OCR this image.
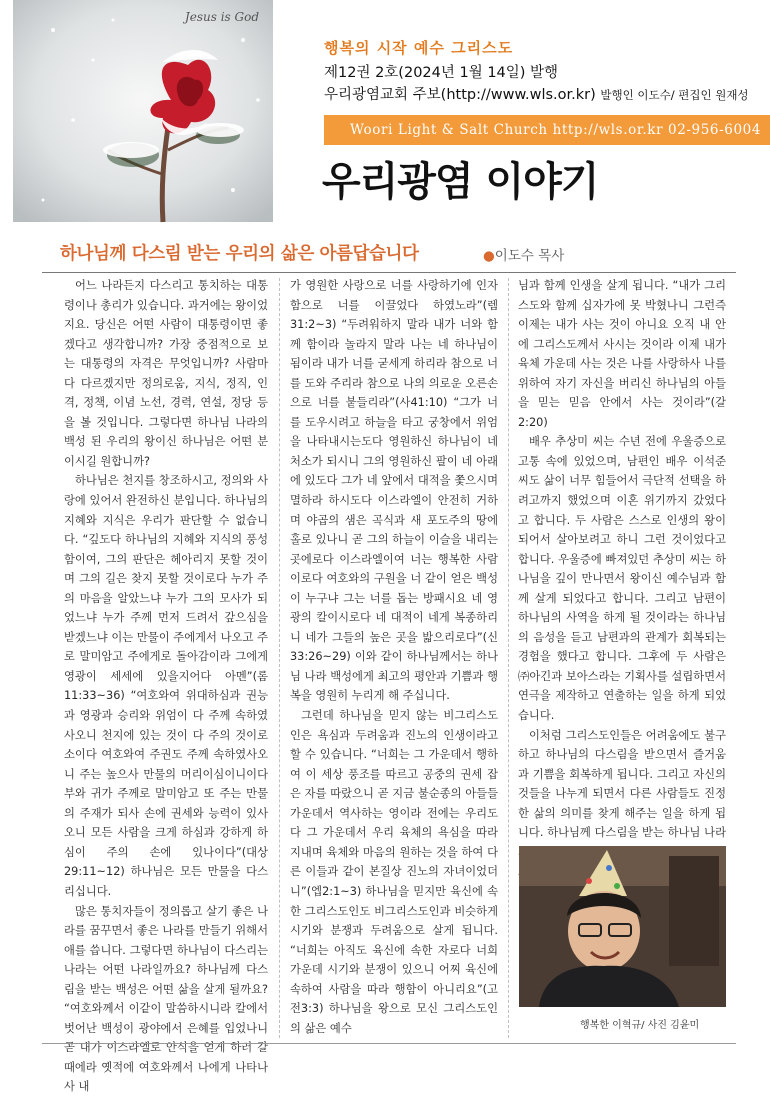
Jesus is God
행복의 시작 예수 그리스도
제12권 2호(2024년 1월 14일) 발행
우리광염교회 주보(http://www.wls.or.kr) 발행인 이도수/ 편집인 원재성
Woori Light & Salt Church http://wls.or.kr 02-956-6004
우리광염 이야기
하나님께 다스림 받는 우리의 삶은 아름답습니다	●이도수 목사

어느 나라든지 다스리고 통치하는 대통령이나 총리가 있습니다. 과거에는 왕이었지요. 당신은 어떤 사람이 대통령이면 좋겠다고 생각합니까? 가장 중점적으로 보는 대통령의 자격은 무엇입니까? 사람마다 다르겠지만 정의로움, 지식, 정직, 인격, 정책, 이념 노선, 경력, 연설, 정당 등을 볼 것입니다. 그렇다면 하나님 나라의 백성 된 우리의 왕이신 하나님은 어떤 분이시길 원합니까?

하나님은 천지를 창조하시고, 정의와 사랑에 있어서 완전하신 분입니다. 하나님의 지혜와 지식은 우리가 판단할 수 없습니다. “깊도다 하나님의 지혜와 지식의 풍성함이여, 그의 판단은 헤아리지 못할 것이며 그의 길은 찾지 못할 것이로다 누가 주의 마음을 알았느냐 누가 그의 모사가 되었느냐 누가 주께 먼저 드려서 갚으심을 받겠느냐 이는 만물이 주에게서 나오고 주로 말미암고 주에게로 돌아감이라 그에게 영광이 세세에 있을지어다 아멘”(롬11:33~36) “여호와여 위대하심과 권능과 영광과 승리와 위엄이 다 주께 속하였사오니 천지에 있는 것이 다 주의 것이로소이다 여호와여 주권도 주께 속하였사오니 주는 높으사 만물의 머리이심이니이다 부와 귀가 주께로 말미암고 또 주는 만물의 주재가 되사 손에 권세와 능력이 있사오니 모든 사람을 크게 하심과 강하게 하심이 주의 손에 있나이다”(대상29:11~12) 하나님은 모든 만물을 다스리십니다.

많은 통치자들이 정의롭고 살기 좋은 나라를 꿈꾸면서 좋은 나라를 만들기 위해서 애를 씁니다. 그렇다면 하나님이 다스리는 나라는 어떤 나라일까요? 하나님께 다스림을 받는 백성은 어떤 삶을 살게 될까요? “여호와께서 이같이 말씀하시니라 칼에서 벗어난 백성이 광야에서 은혜를 입었나니 곧 내가 이스라엘로 안식을 얻게 하러 갈 때에라 옛적에 여호와께서 나에게 나타나사 내

가 영원한 사랑으로 너를 사랑하기에 인자함으로 너를 이끌었다 하였노라”(렘31:2~3) “두려워하지 말라 내가 너와 함께 함이라 놀라지 말라 나는 네 하나님이 됨이라 내가 너를 굳세게 하리라 참으로 너를 도와 주리라 참으로 나의 의로운 오른손으로 너를 붙들리라”(사41:10) “그가 너를 도우시려고 하늘을 타고 궁창에서 위엄을 나타내시는도다 영원하신 하나님이 네 처소가 되시니 그의 영원하신 팔이 네 아래에 있도다 그가 네 앞에서 대적을 쫓으시며 멸하라 하시도다 이스라엘이 안전히 거하며 야곱의 샘은 곡식과 새 포도주의 땅에 홀로 있나니 곧 그의 하늘이 이슬을 내리는 곳에로다 이스라엘이여 너는 행복한 사람이로다 여호와의 구원을 너 같이 얻은 백성이 누구냐 그는 너를 돕는 방패시요 네 영광의 칼이시로다 네 대적이 네게 복종하리니 네가 그들의 높은 곳을 밟으리로다”(신33:26~29) 이와 같이 하나님께서는 하나님 나라 백성에게 최고의 평안과 기쁨과 행복을 영원히 누리게 해 주십니다.

그런데 하나님을 믿지 않는 비그리스도인은 욕심과 두려움과 진노의 인생이라고 할 수 있습니다. “너희는 그 가운데서 행하여 이 세상 풍조를 따르고 공중의 권세 잡은 자를 따랐으니 곧 지금 불순종의 아들들 가운데서 역사하는 영이라 전에는 우리도 다 그 가운데서 우리 육체의 욕심을 따라 지내며 육체와 마음의 원하는 것을 하여 다른 이들과 같이 본질상 진노의 자녀이었더니”(엡2:1~3) 하나님을 믿지만 육신에 속한 그리스도인도 비그리스도인과 비슷하게 시기와 분쟁과 두려움으로 살게 됩니다. “너희는 아직도 육신에 속한 자로다 너희 가운데 시기와 분쟁이 있으니 어찌 육신에 속하여 사람을 따라 행함이 아니리요”(고전3:3) 하나님을 왕으로 모신 그리스도인의 삶은 예수

님과 함께 인생을 살게 됩니다. “내가 그리스도와 함께 십자가에 못 박혔나니 그런즉 이제는 내가 사는 것이 아니요 오직 내 안에 그리스도께서 사시는 것이라 이제 내가 육체 가운데 사는 것은 나를 사랑하사 나를 위하여 자기 자신을 버리신 하나님의 아들을 믿는 믿음 안에서 사는 것이라”(갈2:20)

배우 추상미 씨는 수년 전에 우울증으로 고통 속에 있었으며, 남편인 배우 이석준 씨도 삶이 너무 힘들어서 극단적 선택을 하려고까지 했었으며 이혼 위기까지 갔었다고 합니다. 두 사람은 스스로 인생의 왕이 되어서 살아보려고 하니 그런 것이었다고 합니다. 우울증에 빠져있던 추상미 씨는 하나님을 깊이 만나면서 왕이신 예수님과 함께 살게 되었다고 합니다. 그리고 남편이 하나님의 사역을 하게 될 것이라는 하나님의 음성을 듣고 남편과의 관계가 회복되는 경험을 했다고 합니다. 그후에 두 사람은 ㈜아긴과 보아스라는 기획사를 설립하면서 연극을 제작하고 연출하는 일을 하게 되었습니다.

이처럼 그리스도인들은 어려움에도 불구하고 하나님의 다스림을 받으면서 즐거움과 기쁨을 회복하게 됩니다. 그리고 자신의 것들을 나누게 되면서 다른 사람들도 진정한 삶의 의미를 찾게 해주는 일을 하게 됩니다. 하나님께 다스림을 받는 하나님 나라

행복한 이혁규/ 사진 김윤미
